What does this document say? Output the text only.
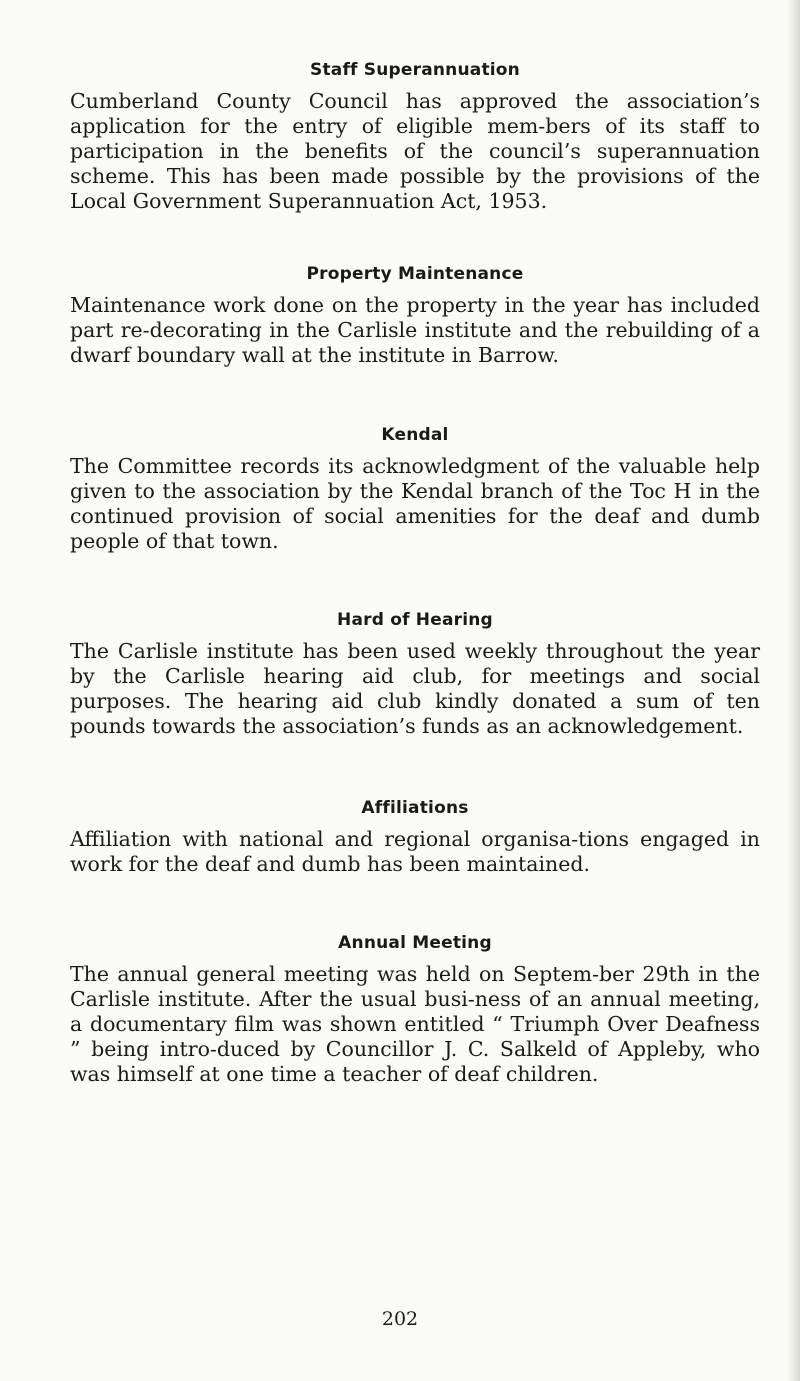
Staff Superannuation

Cumberland County Council has approved the association’s application for the entry of eligible mem-bers of its staff to participation in the benefits of the council’s superannuation scheme. This has been made possible by the provisions of the Local Government Superannuation Act, 1953.

Property Maintenance

Maintenance work done on the property in the year has included part re-decorating in the Carlisle institute and the rebuilding of a dwarf boundary wall at the institute in Barrow.

Kendal

The Committee records its acknowledgment of the valuable help given to the association by the Kendal branch of the Toc H in the continued provision of social amenities for the deaf and dumb people of that town.

Hard of Hearing

The Carlisle institute has been used weekly throughout the year by the Carlisle hearing aid club, for meetings and social purposes. The hearing aid club kindly donated a sum of ten pounds towards the association’s funds as an acknowledgement.

Affiliations

Affiliation with national and regional organisa-tions engaged in work for the deaf and dumb has been maintained.

Annual Meeting

The annual general meeting was held on Septem-ber 29th in the Carlisle institute. After the usual busi-ness of an annual meeting, a documentary film was shown entitled “ Triumph Over Deafness ” being intro-duced by Councillor J. C. Salkeld of Appleby, who was himself at one time a teacher of deaf children.

202
